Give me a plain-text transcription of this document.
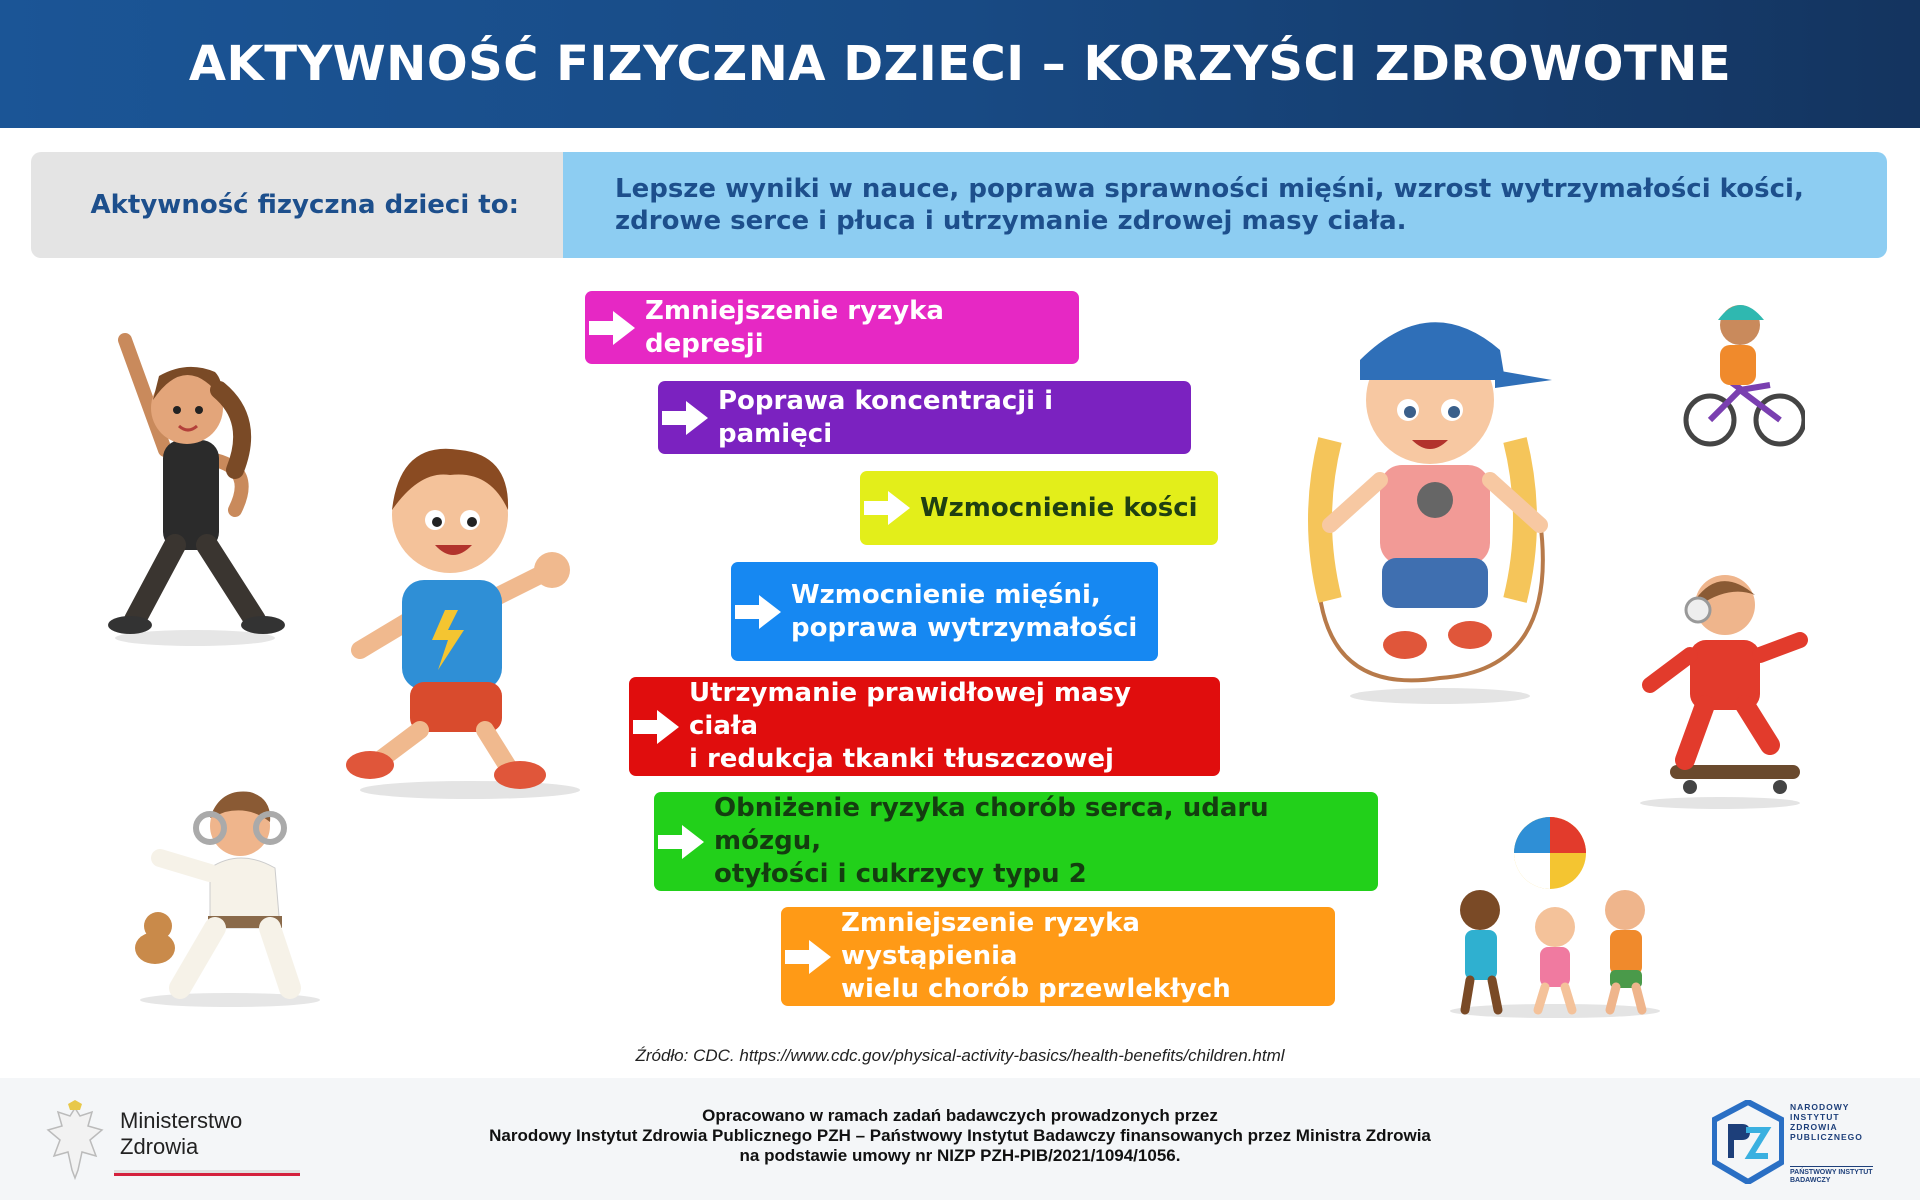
AKTYWNOŚĆ FIZYCZNA DZIECI – KORZYŚCI ZDROWOTNE
Aktywność fizyczna dzieci to:
Lepsze wyniki w nauce, poprawa sprawności mięśni, wzrost wytrzymałości kości, zdrowe serce i płuca i utrzymanie zdrowej masy ciała.
Zmniejszenie ryzyka depresji
Poprawa koncentracji i pamięci
Wzmocnienie kości
Wzmocnienie mięśni,
poprawa wytrzymałości
Utrzymanie prawidłowej masy ciała
i redukcja tkanki tłuszczowej
Obniżenie ryzyka chorób serca, udaru mózgu,
otyłości i cukrzycy typu 2
Zmniejszenie ryzyka wystąpienia
wielu chorób przewlekłych
Źródło: CDC. https://www.cdc.gov/physical-activity-basics/health-benefits/children.html
Ministerstwo
Zdrowia
Opracowano w ramach zadań badawczych prowadzonych przez
Narodowy Instytut Zdrowia Publicznego PZH – Państwowy Instytut Badawczy finansowanych przez Ministra Zdrowia
na podstawie umowy nr NIZP PZH-PIB/2021/1094/1056.
NARODOWY
INSTYTUT
ZDROWIA
PUBLICZNEGO
PAŃSTWOWY INSTYTUT
BADAWCZY
